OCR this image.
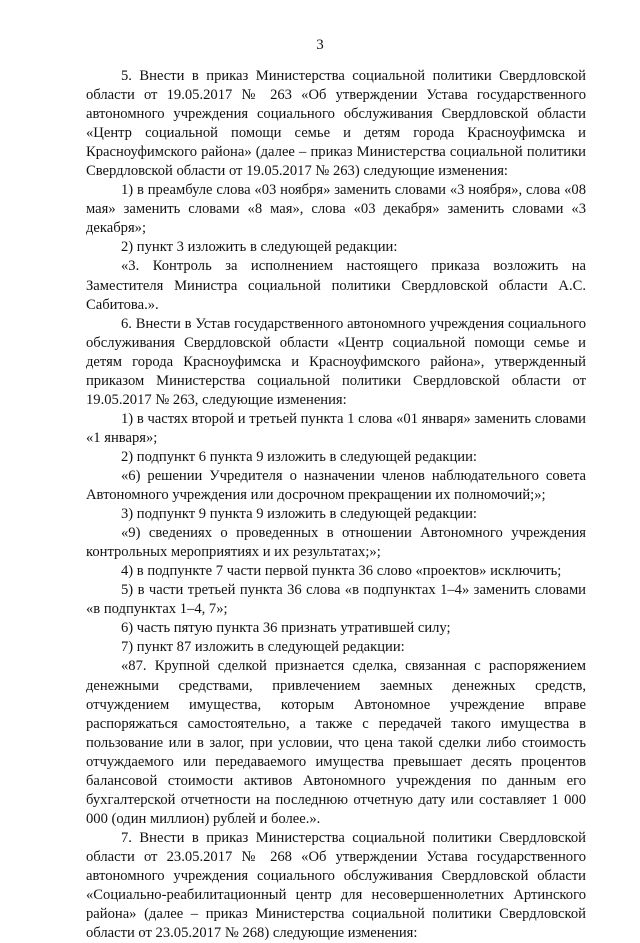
3

5. Внести в приказ Министерства социальной политики Свердловской области от 19.05.2017 № 263 «Об утверждении Устава государственного автономного учреждения социального обслуживания Свердловской области «Центр социальной помощи семье и детям города Красноуфимска и Красноуфимского района» (далее – приказ Министерства социальной политики Свердловской области от 19.05.2017 № 263) следующие изменения:

1) в преамбуле слова «03 ноября» заменить словами «3 ноября», слова «08 мая» заменить словами «8 мая», слова «03 декабря» заменить словами «3 декабря»;

2) пункт 3 изложить в следующей редакции:

«3. Контроль за исполнением настоящего приказа возложить на Заместителя Министра социальной политики Свердловской области А.С. Сабитова.».

6. Внести в Устав государственного автономного учреждения социального обслуживания Свердловской области «Центр социальной помощи семье и детям города Красноуфимска и Красноуфимского района», утвержденный приказом Министерства социальной политики Свердловской области от 19.05.2017 № 263, следующие изменения:

1) в частях второй и третьей пункта 1 слова «01 января» заменить словами «1 января»;

2) подпункт 6 пункта 9 изложить в следующей редакции:

«6) решении Учредителя о назначении членов наблюдательного совета Автономного учреждения или досрочном прекращении их полномочий;»;

3) подпункт 9 пункта 9 изложить в следующей редакции:

«9) сведениях о проведенных в отношении Автономного учреждения контрольных мероприятиях и их результатах;»;

4) в подпункте 7 части первой пункта 36 слово «проектов» исключить;

5) в части третьей пункта 36 слова «в подпунктах 1–4» заменить словами «в подпунктах 1–4, 7»;

6) часть пятую пункта 36 признать утратившей силу;

7) пункт 87 изложить в следующей редакции:

«87. Крупной сделкой признается сделка, связанная с распоряжением денежными средствами, привлечением заемных денежных средств, отчуждением имущества, которым Автономное учреждение вправе распоряжаться самостоятельно, а также с передачей такого имущества в пользование или в залог, при условии, что цена такой сделки либо стоимость отчуждаемого или передаваемого имущества превышает десять процентов балансовой стоимости активов Автономного учреждения по данным его бухгалтерской отчетности на последнюю отчетную дату или составляет 1 000 000 (один миллион) рублей и более.».

7. Внести в приказ Министерства социальной политики Свердловской области от 23.05.2017 № 268 «Об утверждении Устава государственного автономного учреждения социального обслуживания Свердловской области «Социально-реабилитационный центр для несовершеннолетних Артинского района» (далее – приказ Министерства социальной политики Свердловской области от 23.05.2017 № 268) следующие изменения:
